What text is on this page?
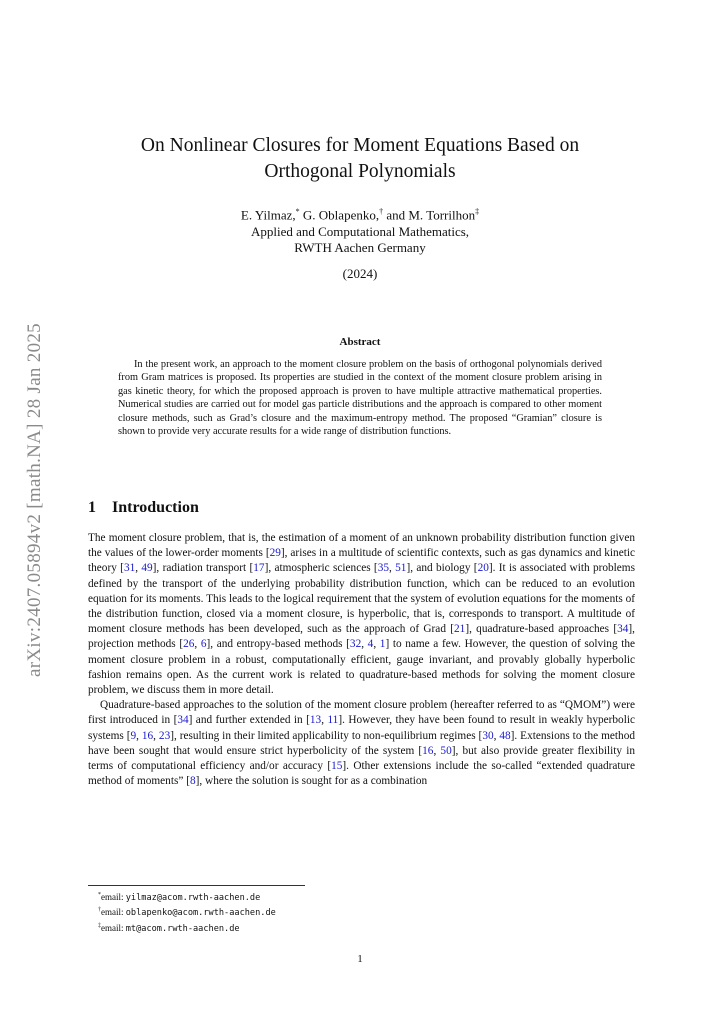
arXiv:2407.05894v2 [math.NA] 28 Jan 2025
On Nonlinear Closures for Moment Equations Based on
Orthogonal Polynomials
E. Yilmaz,* G. Oblapenko,† and M. Torrilhon‡
Applied and Computational Mathematics,
RWTH Aachen Germany
(2024)
Abstract
In the present work, an approach to the moment closure problem on the basis of orthogonal polynomials derived from Gram matrices is proposed. Its properties are studied in the context of the moment closure problem arising in gas kinetic theory, for which the proposed approach is proven to have multiple attractive mathematical properties. Numerical studies are carried out for model gas particle distributions and the approach is compared to other moment closure methods, such as Grad’s closure and the maximum-entropy method. The proposed “Gramian” closure is shown to provide very accurate results for a wide range of distribution functions.
1 Introduction

The moment closure problem, that is, the estimation of a moment of an unknown probability distribution function given the values of the lower-order moments [29], arises in a multitude of scientific contexts, such as gas dynamics and kinetic theory [31, 49], radiation transport [17], atmospheric sciences [35, 51], and biology [20]. It is associated with problems defined by the transport of the underlying probability distribution function, which can be reduced to an evolution equation for its moments. This leads to the logical requirement that the system of evolution equations for the moments of the distribution function, closed via a moment closure, is hyperbolic, that is, corresponds to transport. A multitude of moment closure methods has been developed, such as the approach of Grad [21], quadrature-based approaches [34], projection methods [26, 6], and entropy-based methods [32, 4, 1] to name a few. However, the question of solving the moment closure problem in a robust, computationally efficient, gauge invariant, and provably globally hyperbolic fashion remains open. As the current work is related to quadrature-based methods for solving the moment closure problem, we discuss them in more detail.

Quadrature-based approaches to the solution of the moment closure problem (hereafter referred to as “QMOM”) were first introduced in [34] and further extended in [13, 11]. However, they have been found to result in weakly hyperbolic systems [9, 16, 23], resulting in their limited applicability to non-equilibrium regimes [30, 48]. Extensions to the method have been sought that would ensure strict hyperbolicity of the system [16, 50], but also provide greater flexibility in terms of computational efficiency and/or accuracy [15]. Other extensions include the so-called “extended quadrature method of moments” [8], where the solution is sought for as a combination

*email: yilmaz@acom.rwth-aachen.de
†email: oblapenko@acom.rwth-aachen.de
‡email: mt@acom.rwth-aachen.de
1
